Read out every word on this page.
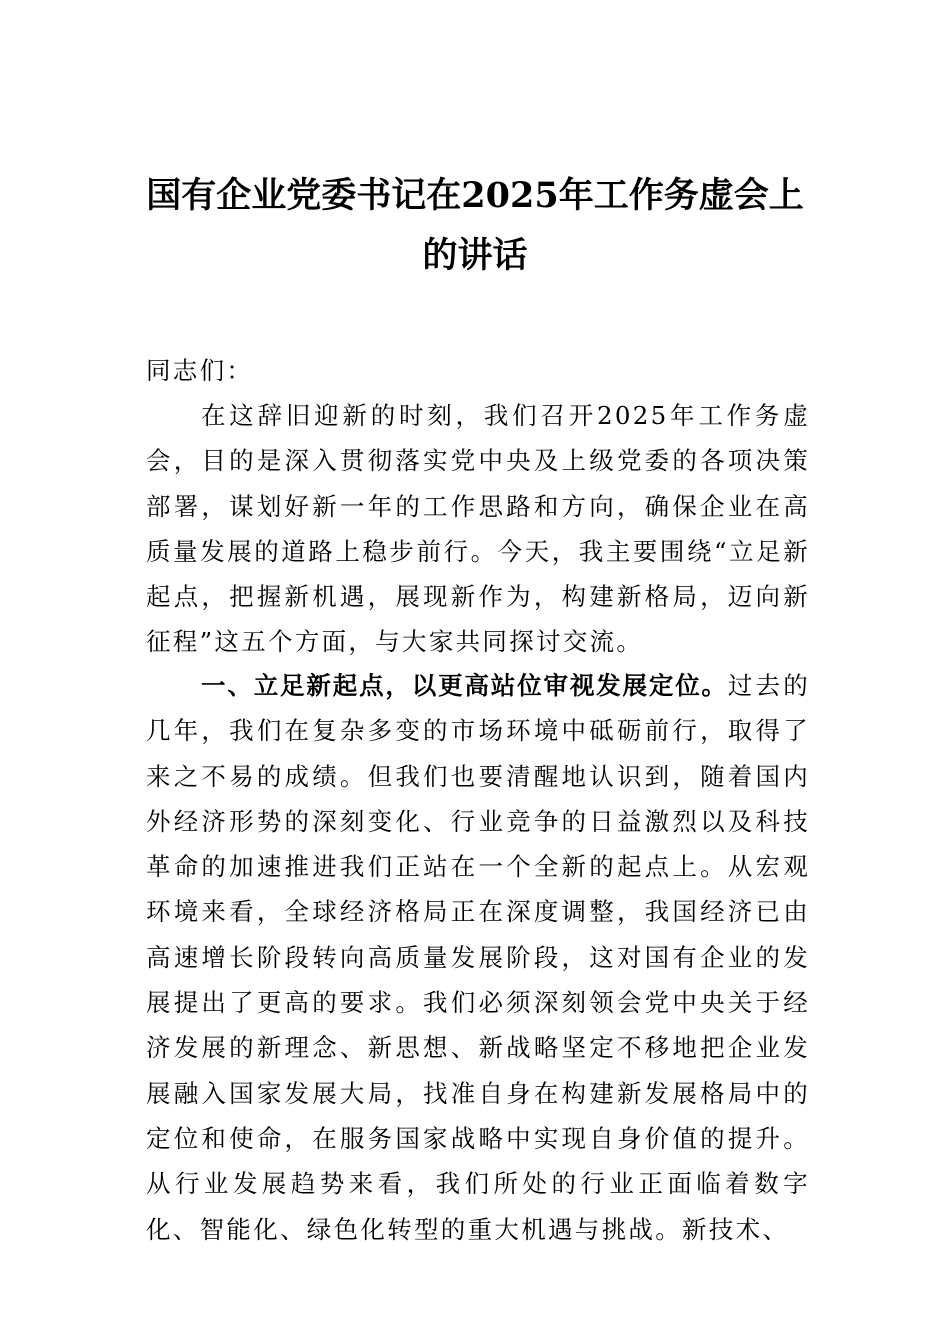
国有企业党委书记在2025年工作务虚会上
的讲话
同志们：
在这辞旧迎新的时刻，我们召开2025年工作务虚会，目的是深入贯彻落实党中央及上级党委的各项决策部署，谋划好新一年的工作思路和方向，确保企业在高质量发展的道路上稳步前行。今天，我主要围绕“立足新起点，把握新机遇，展现新作为，构建新格局，迈向新征程”这五个方面，与大家共同探讨交流。
一、立足新起点，以更高站位审视发展定位。过去的几年，我们在复杂多变的市场环境中砥砺前行，取得了来之不易的成绩。但我们也要清醒地认识到，随着国内外经济形势的深刻变化、行业竞争的日益激烈以及科技革命的加速推进我们正站在一个全新的起点上。从宏观环境来看，全球经济格局正在深度调整，我国经济已由高速增长阶段转向高质量发展阶段，这对国有企业的发展提出了更高的要求。我们必须深刻领会党中央关于经济发展的新理念、新思想、新战略坚定不移地把企业发展融入国家发展大局，找准自身在构建新发展格局中的定位和使命，在服务国家战略中实现自身价值的提升。从行业发展趋势来看，我们所处的行业正面临着数字化、智能化、绿色化转型的重大机遇与挑战。新技术、
